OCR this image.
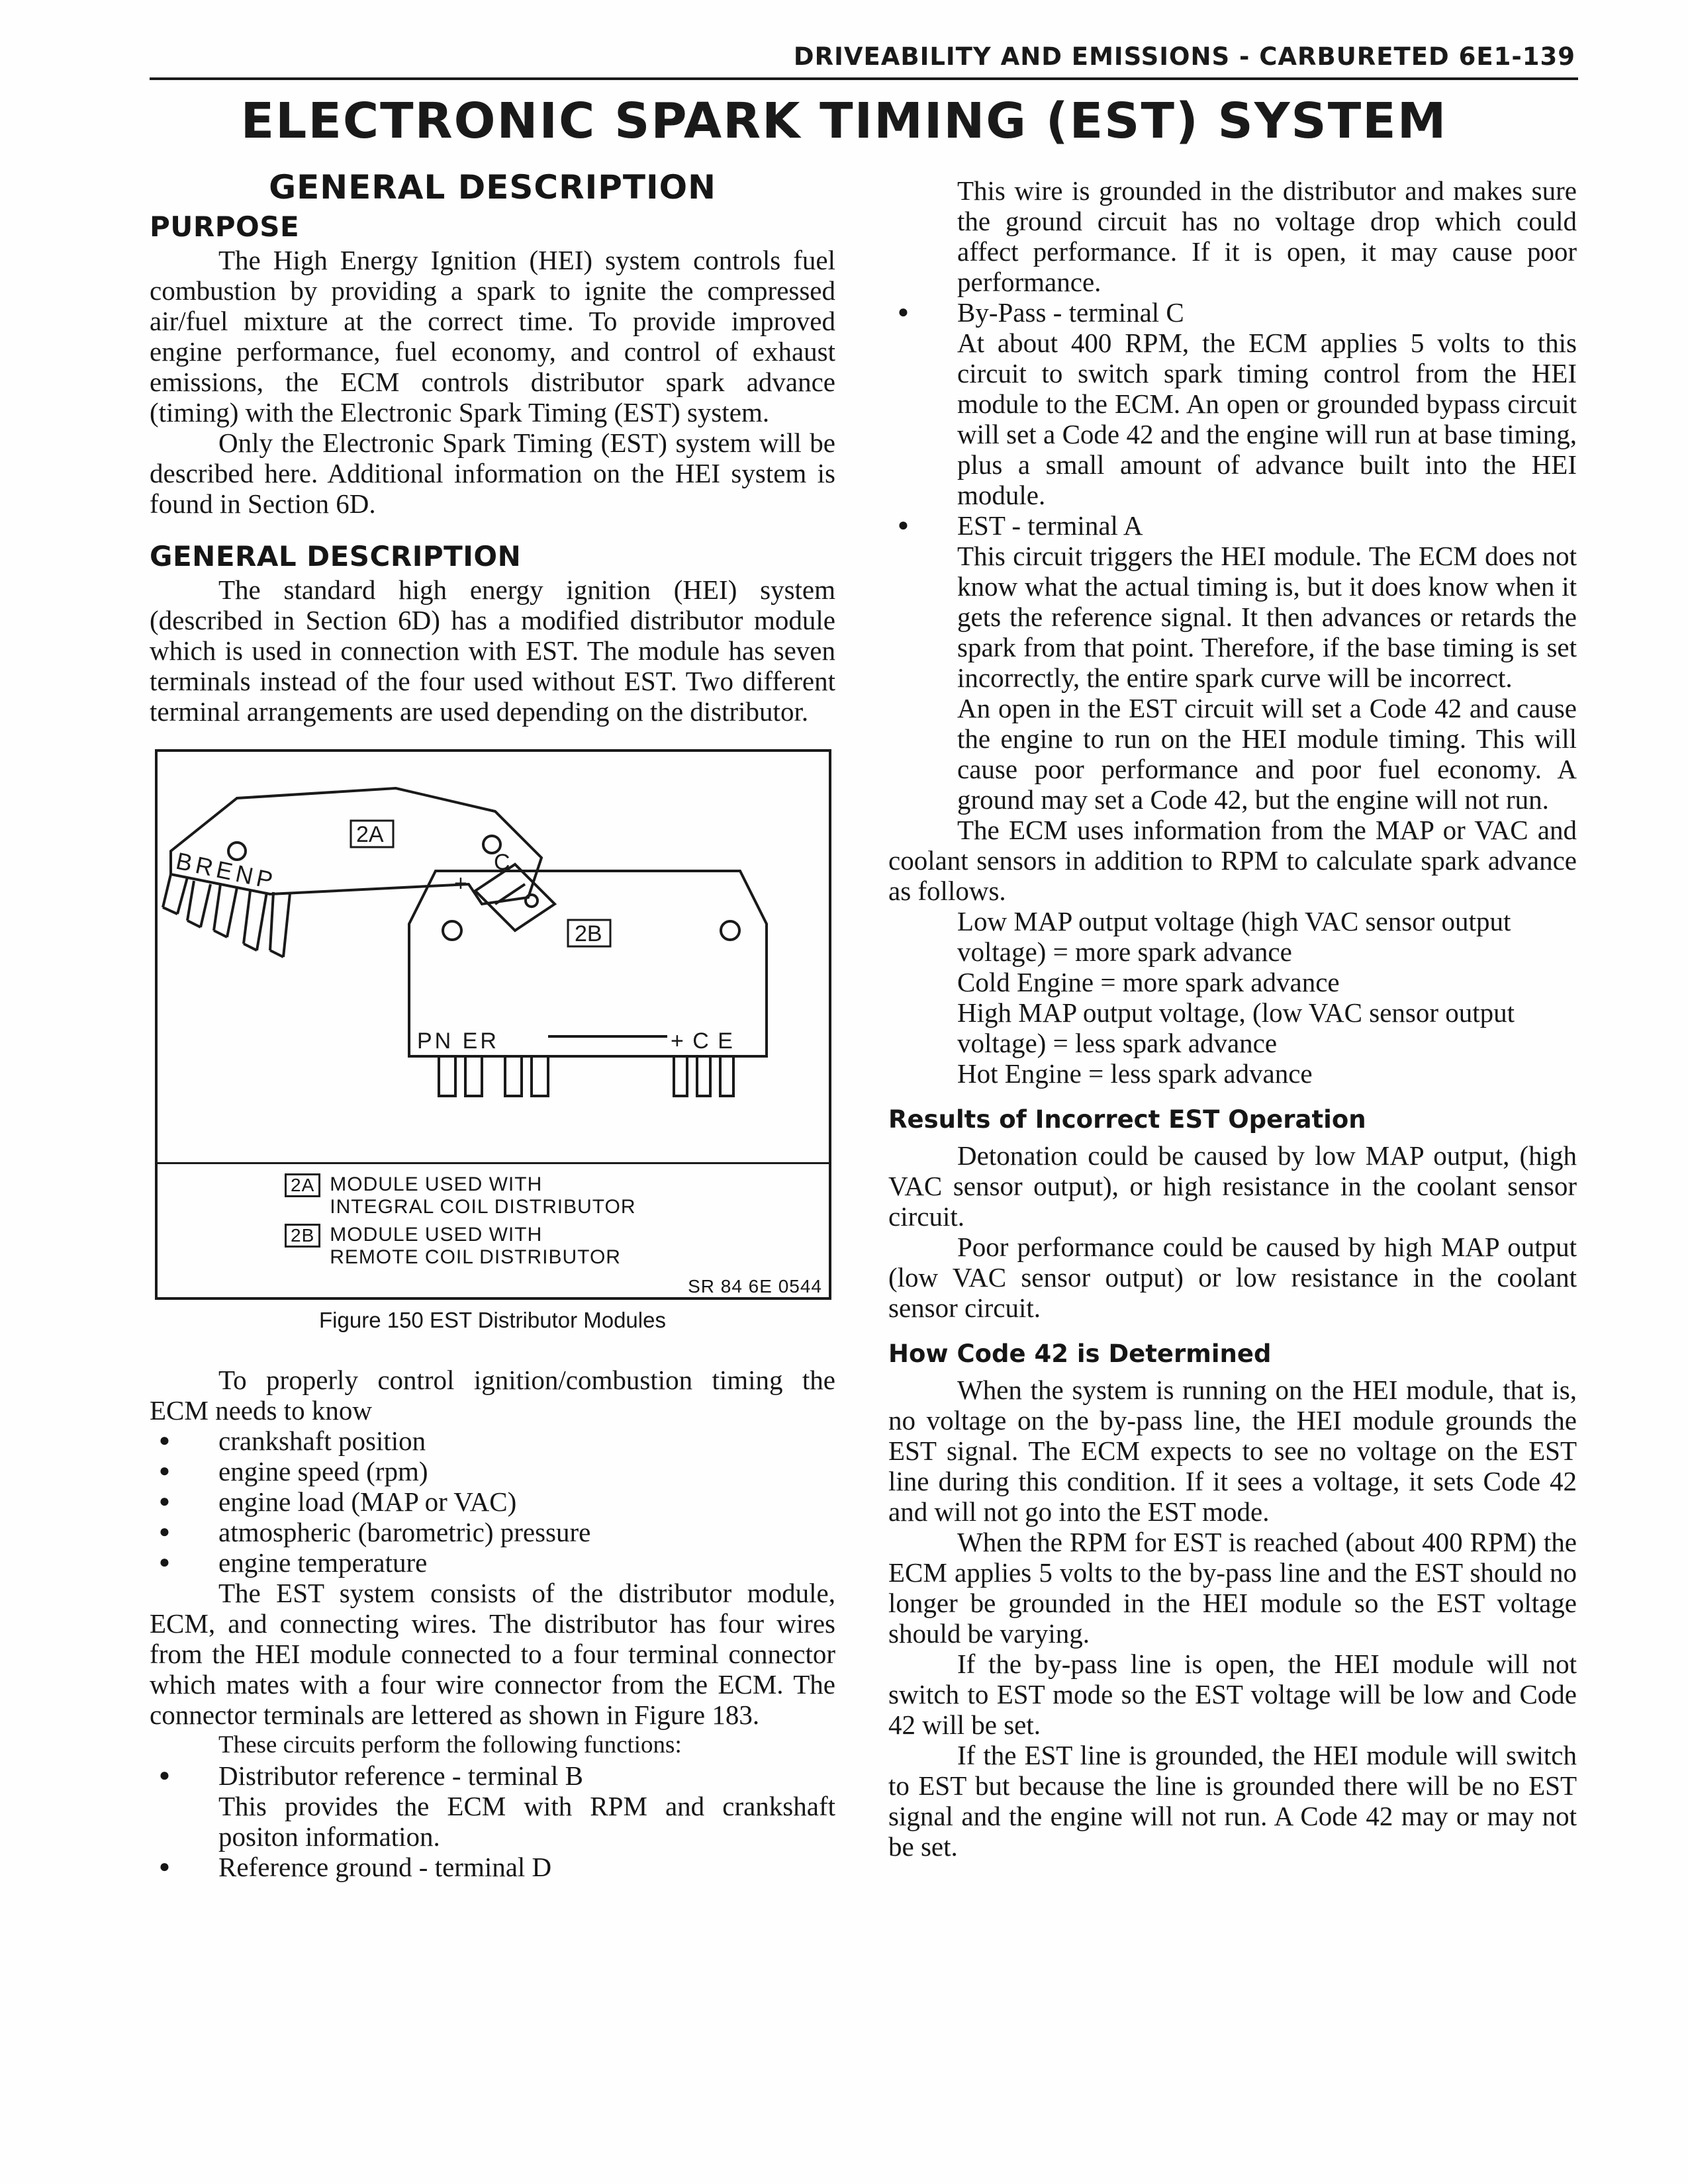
DRIVEABILITY AND EMISSIONS - CARBURETED 6E1-139
ELECTRONIC SPARK TIMING (EST) SYSTEM
GENERAL DESCRIPTION
PURPOSE

The High Energy Ignition (HEI) system controls fuel combustion by providing a spark to ignite the compressed air/fuel mixture at the correct time. To provide improved engine performance, fuel economy, and control of exhaust emissions, the ECM controls distributor spark advance (timing) with the Electronic Spark Timing (EST) system.

Only the Electronic Spark Timing (EST) system will be described here. Additional information on the HEI system is found in Section 6D.

GENERAL DESCRIPTION

The standard high energy ignition (HEI) system (described in Section 6D) has a modified distributor module which is used in connection with EST. The module has seven terminals instead of the four used without EST. Two different terminal arrangements are used depending on the distributor.

2A
BRENP	C
+
2B
PN ER	+ C E
2A MODULE USED WITH
INTEGRAL COIL DISTRIBUTOR
2B MODULE USED WITH
REMOTE COIL DISTRIBUTOR
SR 84 6E 0544
Figure 150 EST Distributor Modules

To properly control ignition/combustion timing the ECM needs to know

● crankshaft position
● engine speed (rpm)
● engine load (MAP or VAC)
● atmospheric (barometric) pressure
● engine temperature

The EST system consists of the distributor module, ECM, and connecting wires. The distributor has four wires from the HEI module connected to a four terminal connector which mates with a four wire connector from the ECM. The connector terminals are lettered as shown in Figure 183.

These circuits perform the following functions:

● Distributor reference - terminal B

This provides the ECM with RPM and crankshaft positon information.

● Reference ground - terminal D

This wire is grounded in the distributor and makes sure the ground circuit has no voltage drop which could affect performance. If it is open, it may cause poor performance.

● By-Pass - terminal C

At about 400 RPM, the ECM applies 5 volts to this circuit to switch spark timing control from the HEI module to the ECM. An open or grounded bypass circuit will set a Code 42 and the engine will run at base timing, plus a small amount of advance built into the HEI module.

● EST - terminal A

This circuit triggers the HEI module. The ECM does not know what the actual timing is, but it does know when it gets the reference signal. It then advances or retards the spark from that point. Therefore, if the base timing is set incorrectly, the entire spark curve will be incorrect.

An open in the EST circuit will set a Code 42 and cause the engine to run on the HEI module timing. This will cause poor performance and poor fuel economy. A ground may set a Code 42, but the engine will not run.

The ECM uses information from the MAP or VAC and coolant sensors in addition to RPM to calculate spark advance as follows.

Low MAP output voltage (high VAC sensor output voltage) = more spark advance

Cold Engine = more spark advance

High MAP output voltage, (low VAC sensor output voltage) = less spark advance

Hot Engine = less spark advance

Results of Incorrect EST Operation

Detonation could be caused by low MAP output, (high VAC sensor output), or high resistance in the coolant sensor circuit.

Poor performance could be caused by high MAP output (low VAC sensor output) or low resistance in the coolant sensor circuit.

How Code 42 is Determined

When the system is running on the HEI module, that is, no voltage on the by-pass line, the HEI module grounds the EST signal. The ECM expects to see no voltage on the EST line during this condition. If it sees a voltage, it sets Code 42 and will not go into the EST mode.

When the RPM for EST is reached (about 400 RPM) the ECM applies 5 volts to the by-pass line and the EST should no longer be grounded in the HEI module so the EST voltage should be varying.

If the by-pass line is open, the HEI module will not switch to EST mode so the EST voltage will be low and Code 42 will be set.

If the EST line is grounded, the HEI module will switch to EST but because the line is grounded there will be no EST signal and the engine will not run. A Code 42 may or may not be set.
